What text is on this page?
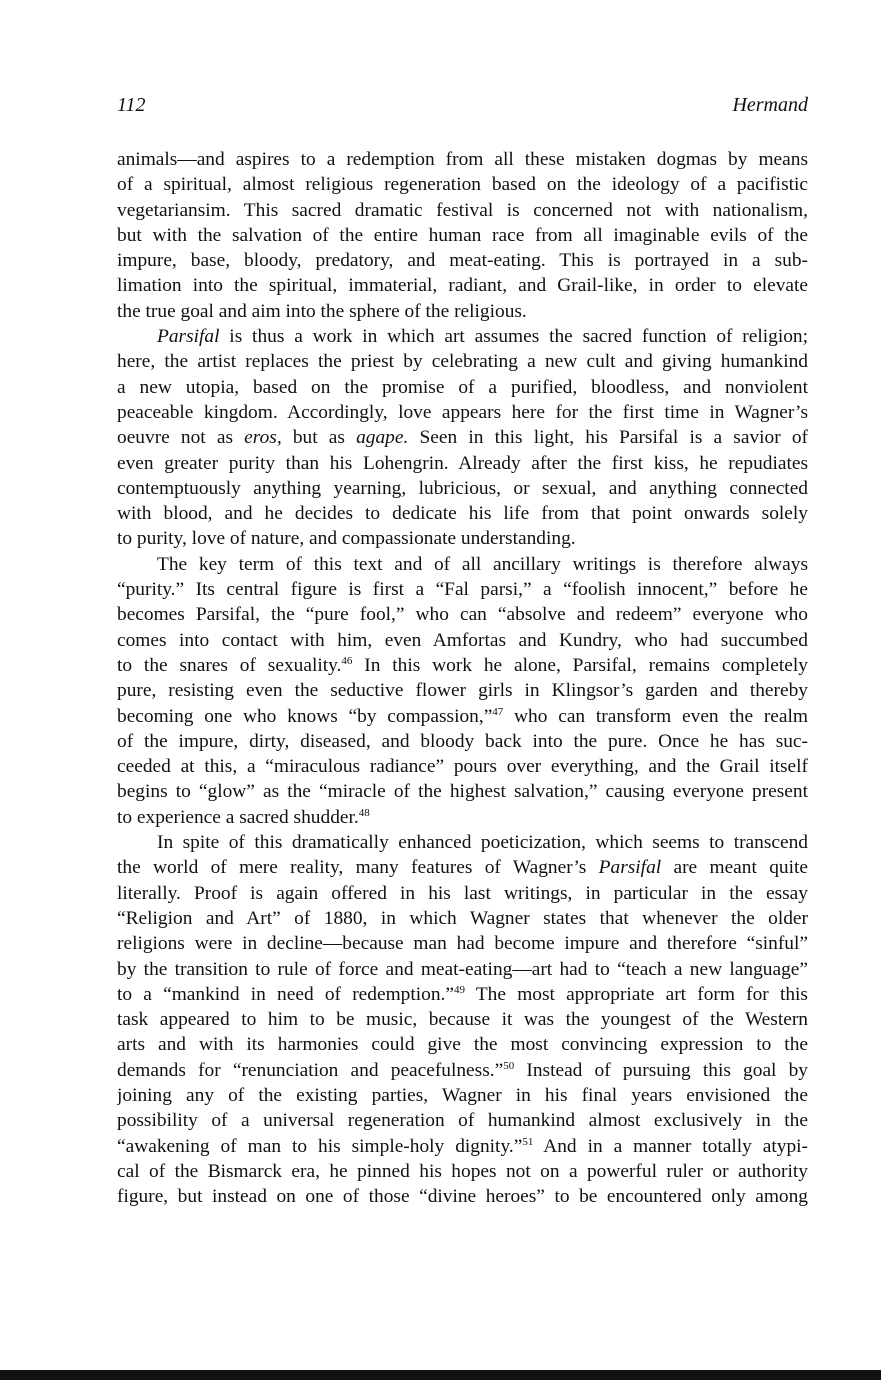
112	Hermand
animals—and aspires to a redemption from all these mistaken dogmas by means
of a spiritual, almost religious regeneration based on the ideology of a pacifistic
vegetariansim. This sacred dramatic festival is concerned not with nationalism,
but with the salvation of the entire human race from all imaginable evils of the
impure, base, bloody, predatory, and meat-eating. This is portrayed in a sub-
limation into the spiritual, immaterial, radiant, and Grail-like, in order to elevate
the true goal and aim into the sphere of the religious.
Parsifal is thus a work in which art assumes the sacred function of religion;
here, the artist replaces the priest by celebrating a new cult and giving humankind
a new utopia, based on the promise of a purified, bloodless, and nonviolent
peaceable kingdom. Accordingly, love appears here for the first time in Wagner’s
oeuvre not as eros, but as agape. Seen in this light, his Parsifal is a savior of
even greater purity than his Lohengrin. Already after the first kiss, he repudiates
contemptuously anything yearning, lubricious, or sexual, and anything connected
with blood, and he decides to dedicate his life from that point onwards solely
to purity, love of nature, and compassionate understanding.
The key term of this text and of all ancillary writings is therefore always
“purity.” Its central figure is first a “Fal parsi,” a “foolish innocent,” before he
becomes Parsifal, the “pure fool,” who can “absolve and redeem” everyone who
comes into contact with him, even Amfortas and Kundry, who had succumbed
to the snares of sexuality.$^{46}$ In this work he alone, Parsifal, remains completely
pure, resisting even the seductive flower girls in Klingsor’s garden and thereby
becoming one who knows “by compassion,”$^{47}$ who can transform even the realm
of the impure, dirty, diseased, and bloody back into the pure. Once he has suc-
ceeded at this, a “miraculous radiance” pours over everything, and the Grail itself
begins to “glow” as the “miracle of the highest salvation,” causing everyone present
to experience a sacred shudder.$^{48}$
In spite of this dramatically enhanced poeticization, which seems to transcend
the world of mere reality, many features of Wagner’s Parsifal are meant quite
literally. Proof is again offered in his last writings, in particular in the essay
“Religion and Art” of 1880, in which Wagner states that whenever the older
religions were in decline—because man had become impure and therefore “sinful”
by the transition to rule of force and meat-eating—art had to “teach a new language”
to a “mankind in need of redemption.”$^{49}$ The most appropriate art form for this
task appeared to him to be music, because it was the youngest of the Western
arts and with its harmonies could give the most convincing expression to the
demands for “renunciation and peacefulness.”$^{50}$ Instead of pursuing this goal by
joining any of the existing parties, Wagner in his final years envisioned the
possibility of a universal regeneration of humankind almost exclusively in the
“awakening of man to his simple-holy dignity.”$^{51}$ And in a manner totally atypi-
cal of the Bismarck era, he pinned his hopes not on a powerful ruler or authority
figure, but instead on one of those “divine heroes” to be encountered only among
